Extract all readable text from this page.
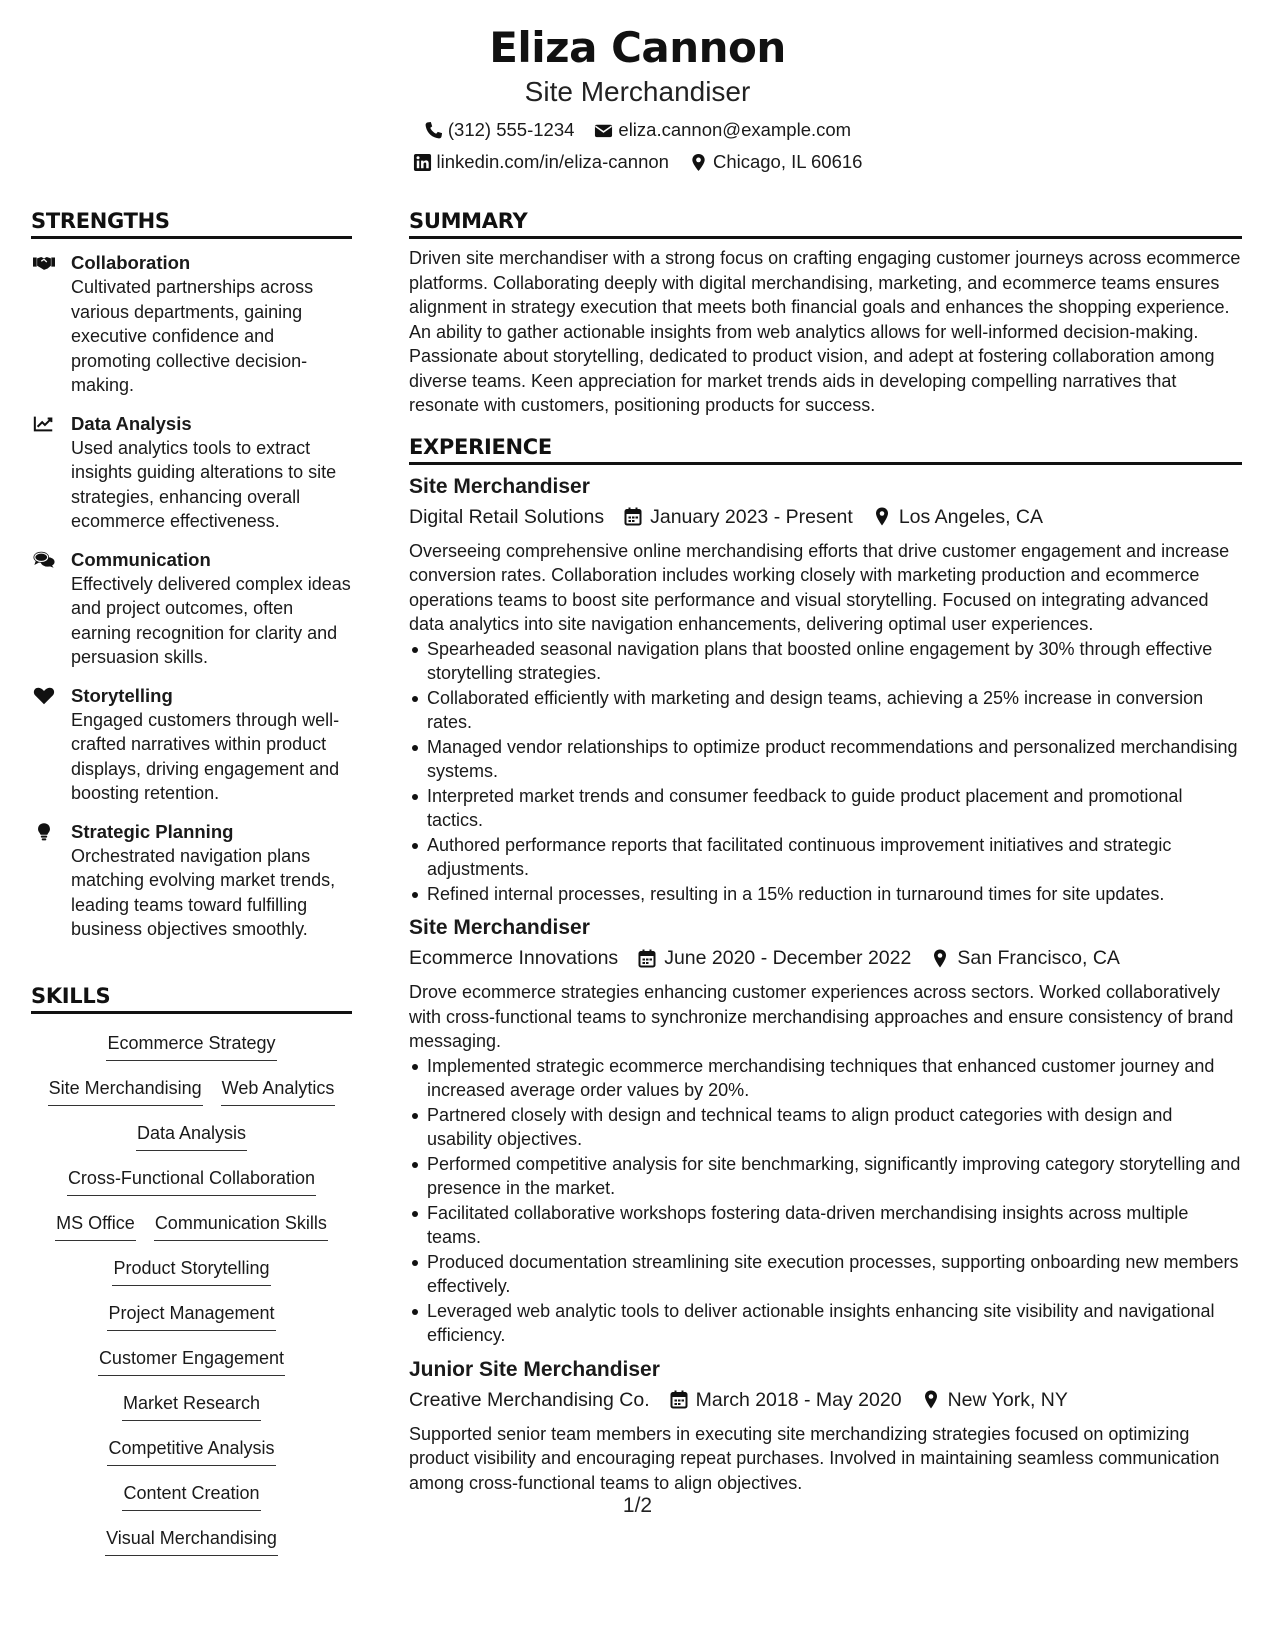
Eliza Cannon
Site Merchandiser
(312) 555-1234 eliza.cannon@example.com
linkedin.com/in/eliza-cannon Chicago, IL 60616
STRENGTHS
Collaboration
Cultivated partnerships across various departments, gaining executive confidence and promoting collective decision-making.
Data Analysis
Used analytics tools to extract insights guiding alterations to site strategies, enhancing overall ecommerce effectiveness.
Communication
Effectively delivered complex ideas and project outcomes, often earning recognition for clarity and persuasion skills.
Storytelling
Engaged customers through well-crafted narratives within product displays, driving engagement and boosting retention.
Strategic Planning
Orchestrated navigation plans matching evolving market trends, leading teams toward fulfilling business objectives smoothly.
SKILLS
Ecommerce Strategy
Site Merchandising Web Analytics
Data Analysis
Cross-Functional Collaboration
MS Office Communication Skills
Product Storytelling
Project Management
Customer Engagement
Market Research
Competitive Analysis
Content Creation
Visual Merchandising
SUMMARY
Driven site merchandiser with a strong focus on crafting engaging customer journeys across ecommerce platforms. Collaborating deeply with digital merchandising, marketing, and ecommerce teams ensures alignment in strategy execution that meets both financial goals and enhances the shopping experience. An ability to gather actionable insights from web analytics allows for well-informed decision-making. Passionate about storytelling, dedicated to product vision, and adept at fostering collaboration among diverse teams. Keen appreciation for market trends aids in developing compelling narratives that resonate with customers, positioning products for success.
EXPERIENCE
Site Merchandiser
Digital Retail Solutions January 2023 - Present Los Angeles, CA
Overseeing comprehensive online merchandising efforts that drive customer engagement and increase conversion rates. Collaboration includes working closely with marketing production and ecommerce operations teams to boost site performance and visual storytelling. Focused on integrating advanced data analytics into site navigation enhancements, delivering optimal user experiences.
Spearheaded seasonal navigation plans that boosted online engagement by 30% through effective storytelling strategies.
Collaborated efficiently with marketing and design teams, achieving a 25% increase in conversion rates.
Managed vendor relationships to optimize product recommendations and personalized merchandising systems.
Interpreted market trends and consumer feedback to guide product placement and promotional tactics.
Authored performance reports that facilitated continuous improvement initiatives and strategic adjustments.
Refined internal processes, resulting in a 15% reduction in turnaround times for site updates.
Site Merchandiser
Ecommerce Innovations June 2020 - December 2022 San Francisco, CA
Drove ecommerce strategies enhancing customer experiences across sectors. Worked collaboratively with cross-functional teams to synchronize merchandising approaches and ensure consistency of brand messaging.
Implemented strategic ecommerce merchandising techniques that enhanced customer journey and increased average order values by 20%.
Partnered closely with design and technical teams to align product categories with design and usability objectives.
Performed competitive analysis for site benchmarking, significantly improving category storytelling and presence in the market.
Facilitated collaborative workshops fostering data-driven merchandising insights across multiple teams.
Produced documentation streamlining site execution processes, supporting onboarding new members effectively.
Leveraged web analytic tools to deliver actionable insights enhancing site visibility and navigational efficiency.
Junior Site Merchandiser
Creative Merchandising Co. March 2018 - May 2020 New York, NY
Supported senior team members in executing site merchandizing strategies focused on optimizing product visibility and encouraging repeat purchases. Involved in maintaining seamless communication among cross-functional teams to align objectives.
1/2
